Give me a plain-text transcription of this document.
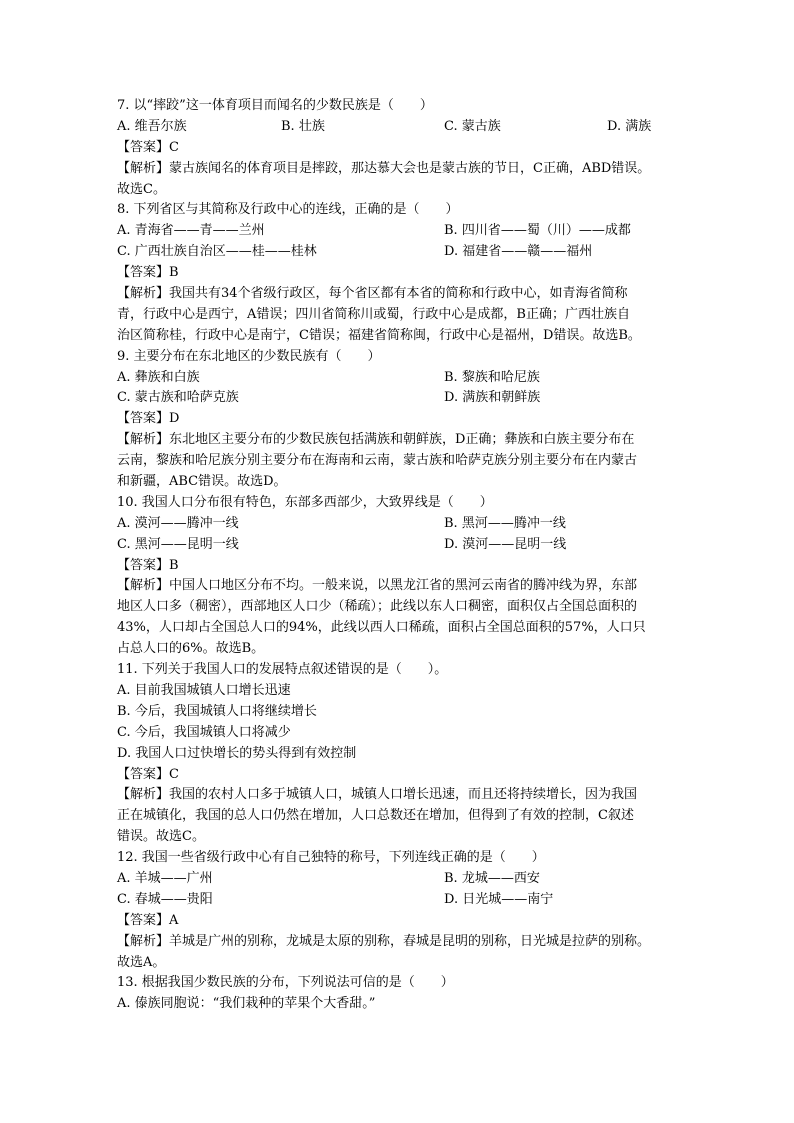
7. 以“摔跤”这一体育项目而闻名的少数民族是（　　）
A. 维吾尔族	B. 壮族	C. 蒙古族	D. 满族
【答案】C
【解析】蒙古族闻名的体育项目是摔跤，那达慕大会也是蒙古族的节日，C正确，ABD错误。
故选C。
8. 下列省区与其简称及行政中心的连线，正确的是（　　）
A. 青海省——青——兰州	B. 四川省——蜀（川）——成都
C. 广西壮族自治区——桂——桂林	D. 福建省——赣——福州
【答案】B
【解析】我国共有34个省级行政区，每个省区都有本省的简称和行政中心，如青海省简称
青，行政中心是西宁，A错误；四川省简称川或蜀，行政中心是成都，B正确；广西壮族自
治区简称桂，行政中心是南宁，C错误；福建省简称闽，行政中心是福州，D错误。故选B。
9. 主要分布在东北地区的少数民族有（　　）
A. 彝族和白族	B. 黎族和哈尼族
C. 蒙古族和哈萨克族	D. 满族和朝鲜族
【答案】D
【解析】东北地区主要分布的少数民族包括满族和朝鲜族，D正确；彝族和白族主要分布在
云南，黎族和哈尼族分别主要分布在海南和云南，蒙古族和哈萨克族分别主要分布在内蒙古
和新疆，ABC错误。故选D。
10. 我国人口分布很有特色，东部多西部少，大致界线是（　　）
A. 漠河——腾冲一线	B. 黑河——腾冲一线
C. 黑河——昆明一线	D. 漠河——昆明一线
【答案】B
【解析】中国人口地区分布不均。一般来说，以黑龙江省的黑河云南省的腾冲线为界，东部
地区人口多（稠密），西部地区人口少（稀疏）；此线以东人口稠密，面积仅占全国总面积的
43%，人口却占全国总人口的94%，此线以西人口稀疏，面积占全国总面积的57%，人口只
占总人口的6%。故选B。
11. 下列关于我国人口的发展特点叙述错误的是（　　）。
A. 目前我国城镇人口增长迅速
B. 今后，我国城镇人口将继续增长
C. 今后，我国城镇人口将减少
D. 我国人口过快增长的势头得到有效控制
【答案】C
【解析】我国的农村人口多于城镇人口，城镇人口增长迅速，而且还将持续增长，因为我国
正在城镇化，我国的总人口仍然在增加，人口总数还在增加，但得到了有效的控制，C叙述
错误。故选C。
12. 我国一些省级行政中心有自己独特的称号，下列连线正确的是（　　）
A. 羊城——广州	B. 龙城——西安
C. 春城——贵阳	D. 日光城——南宁
【答案】A
【解析】羊城是广州的别称，龙城是太原的别称，春城是昆明的别称，日光城是拉萨的别称。
故选A。
13. 根据我国少数民族的分布，下列说法可信的是（　　）
A. 傣族同胞说：“我们栽种的苹果个大香甜。”
